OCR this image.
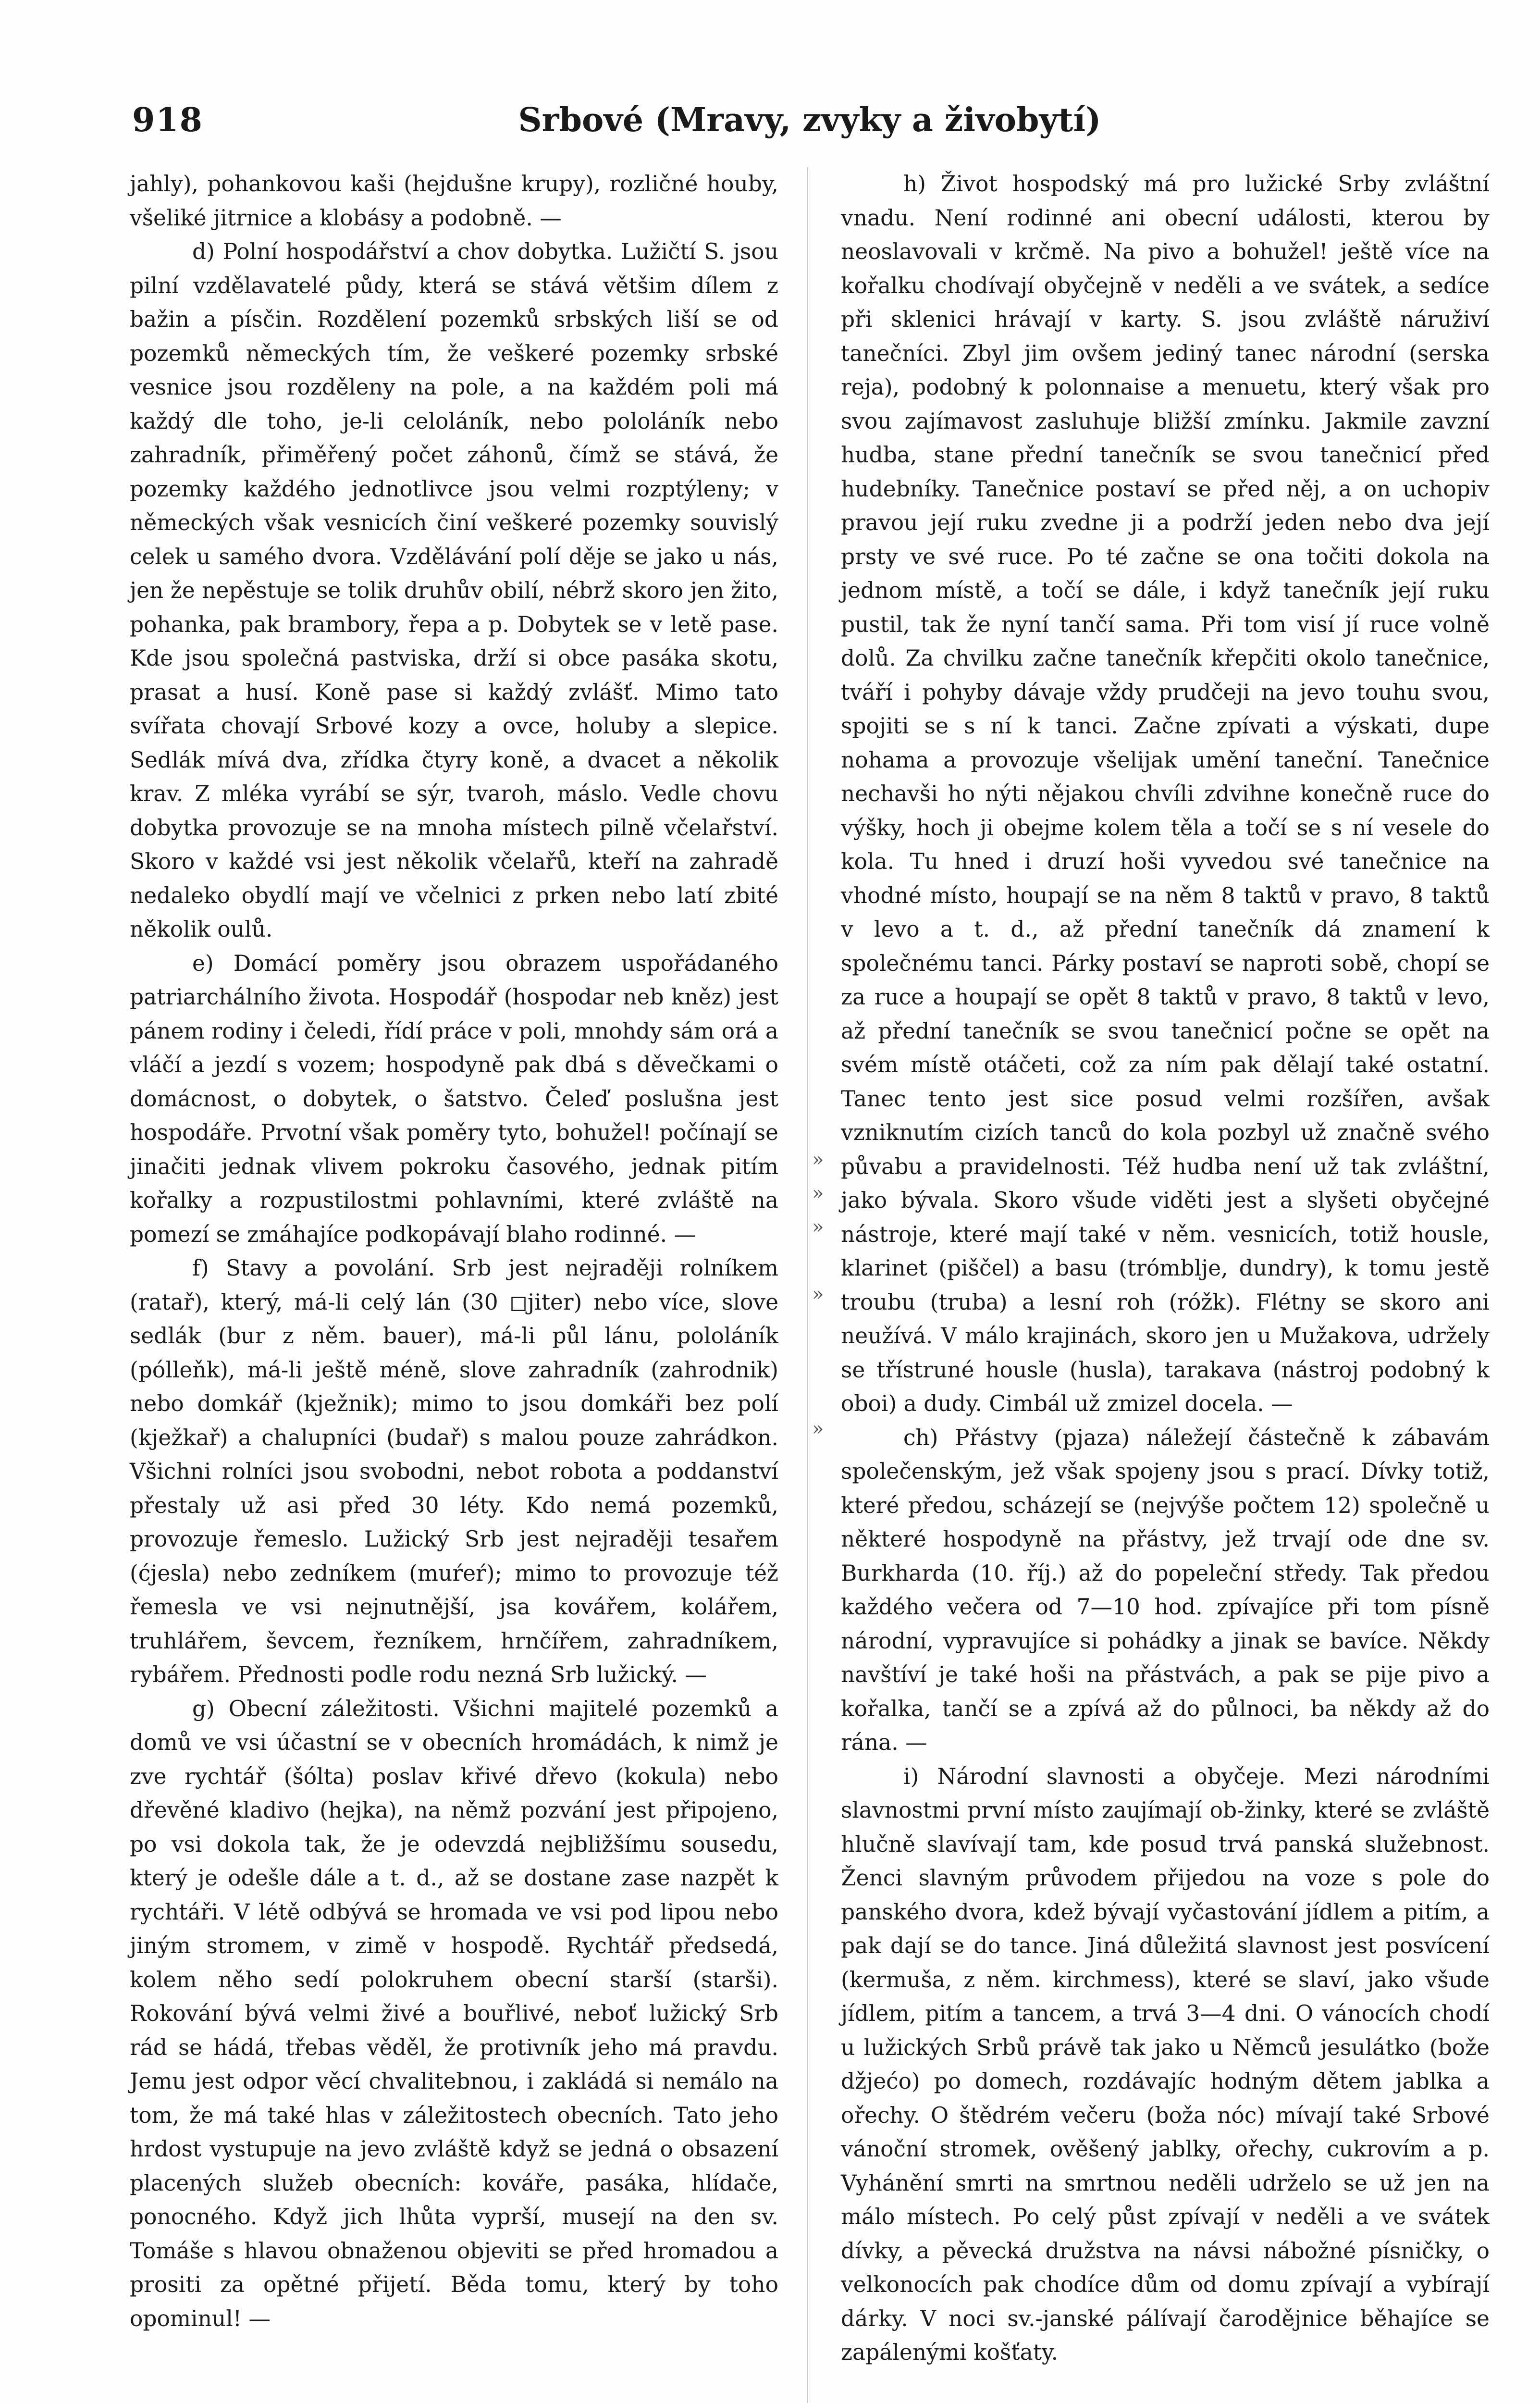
918	Srbové (Mravy, zvyky a živobytí)

jahly), pohankovou kaši (hejdušne krupy), rozličné houby, všeliké jitrnice a klobásy a podobně. —

d) Polní hospodářství a chov dobytka. Lužičtí S. jsou pilní vzdělavatelé půdy, která se stává většim dílem z bažin a písčin. Rozdělení pozemků srbských liší se od pozemků německých tím, že veškeré pozemky srbské vesnice jsou rozděleny na pole, a na každém poli má každý dle toho, je-li celoláník, nebo pololáník nebo zahradník, přiměřený počet záhonů, čímž se stává, že pozemky každého jednotlivce jsou velmi rozptýleny; v německých však vesnicích činí veškeré pozemky souvislý celek u samého dvora. Vzdělávání polí děje se jako u nás, jen že nepěstuje se tolik druhův obilí, nébrž skoro jen žito, pohanka, pak brambory, řepa a p. Dobytek se v letě pase. Kde jsou společná pastviska, drží si obce pasáka skotu, prasat a husí. Koně pase si každý zvlášť. Mimo tato svířata chovají Srbové kozy a ovce, holuby a slepice. Sedlák mívá dva, zřídka čtyry koně, a dvacet a několik krav. Z mléka vyrábí se sýr, tvaroh, máslo. Vedle chovu dobytka provozuje se na mnoha místech pilně včelařství. Skoro v každé vsi jest několik včelařů, kteří na zahradě nedaleko obydlí mají ve včelnici z prken nebo latí zbité několik oulů.

e) Domácí poměry jsou obrazem uspořádaného patriarchálního života. Hospodář (hospodar neb kněz) jest pánem rodiny i čeledi, řídí práce v poli, mnohdy sám orá a vláčí a jezdí s vozem; hospodyně pak dbá s děvečkami o domácnost, o dobytek, o šatstvo. Čeleď poslušna jest hospodáře. Prvotní však poměry tyto, bohužel! počínají se jinačiti jednak vlivem pokroku časového, jednak pitím kořalky a rozpustilostmi pohlavními, které zvláště na pomezí se zmáhajíce podkopávají blaho rodinné. —

f) Stavy a povolání. Srb jest nejraději rolníkem (ratař), který, má-li celý lán (30 ◻jiter) nebo více, slove sedlák (bur z něm. bauer), má-li půl lánu, pololáník (pólleňk), má-li ještě méně, slove zahradník (zahrodnik) nebo domkář (kježnik); mimo to jsou domkáři bez polí (kježkař) a chalupníci (budař) s malou pouze zahrádkon. Všichni rolníci jsou svobodni, nebot robota a poddanství přestaly už asi před 30 léty. Kdo nemá pozemků, provozuje řemeslo. Lužický Srb jest nejraději tesařem (ćjesla) nebo zedníkem (muŕeŕ); mimo to provozuje též řemesla ve vsi nejnutnější, jsa kovářem, kolářem, truhlářem, ševcem, řezníkem, hrnčířem, zahradníkem, rybářem. Přednosti podle rodu nezná Srb lužický. —

g) Obecní záležitosti. Všichni majitelé pozemků a domů ve vsi účastní se v obecních hromádách, k nimž je zve rychtář (šólta) poslav křivé dřevo (kokula) nebo dřevěné kladivo (hejka), na němž pozvání jest připojeno, po vsi dokola tak, že je odevzdá nejbližšímu sousedu, který je odešle dále a t. d., až se dostane zase nazpět k rychtáři. V létě odbývá se hromada ve vsi pod lipou nebo jiným stromem, v zimě v hospodě. Rychtář předsedá, kolem něho sedí polokruhem obecní starší (starši). Rokování bývá velmi živé a bouřlivé, neboť lužický Srb rád se hádá, třebas věděl, že protivník jeho má pravdu. Jemu jest odpor věcí chvalitebnou, i zakládá si nemálo na tom, že má také hlas v záležitostech obecních. Tato jeho hrdost vystupuje na jevo zvláště když se jedná o obsazení placených služeb obecních: kováře, pasáka, hlídače, ponocného. Když jich lhůta vyprší, musejí na den sv. Tomáše s hlavou obnaženou objeviti se před hromadou a prositi za opětné přijetí. Běda tomu, který by toho opominul! —

h) Život hospodský má pro lužické Srby zvláštní vnadu. Není rodinné ani obecní události, kterou by neoslavovali v krčmě. Na pivo a bohužel! ještě více na kořalku chodívají obyčejně v neděli a ve svátek, a sedíce při sklenici hrávají v karty. S. jsou zvláště náruživí tanečníci. Zbyl jim ovšem jediný tanec národní (serska reja), podobný k polonnaise a menuetu, který však pro svou zajímavost zasluhuje bližší zmínku. Jakmile zavzní hudba, stane přední tanečník se svou tanečnicí před hudebníky. Tanečnice postaví se před něj, a on uchopiv pravou její ruku zvedne ji a podrží jeden nebo dva její prsty ve své ruce. Po té začne se ona točiti dokola na jednom místě, a točí se dále, i když tanečník její ruku pustil, tak že nyní tančí sama. Při tom visí jí ruce volně dolů. Za chvilku začne tanečník křepčiti okolo tanečnice, tváří i pohyby dávaje vždy prudčeji na jevo touhu svou, spojiti se s ní k tanci. Začne zpívati a výskati, dupe nohama a provozuje všelijak umění taneční. Tanečnice nechavši ho nýti nějakou chvíli zdvihne konečně ruce do výšky, hoch ji obejme kolem těla a točí se s ní vesele do kola. Tu hned i druzí hoši vyvedou své tanečnice na vhodné místo, houpají se na něm 8 taktů v pravo, 8 taktů v levo a t. d., až přední tanečník dá znamení k společnému tanci. Párky postaví se naproti sobě, chopí se za ruce a houpají se opět 8 taktů v pravo, 8 taktů v levo, až přední tanečník se svou tanečnicí počne se opět na svém místě otáčeti, což za ním pak dělají také ostatní. Tanec tento jest sice posud velmi rozšířen, avšak vzniknutím cizích tanců do kola pozbyl už značně svého půvabu a pravidelnosti. Též hudba není už tak zvláštní, jako bývala. Skoro všude viděti jest a slyšeti obyčejné nástroje, které mají také v něm. vesnicích, totiž housle, klarinet (piščel) a basu (trómblje, dundry), k tomu jestě troubu (truba) a lesní roh (róžk). Flétny se skoro ani neužívá. V málo krajinách, skoro jen u Mužakova, udržely se třístruné housle (husla), tarakava (nástroj podobný k oboi) a dudy. Cimbál už zmizel docela. —

ch) Přástvy (pjaza) náležejí částečně k zábavám společenským, jež však spojeny jsou s prací. Dívky totiž, které předou, scházejí se (nejvýše počtem 12) společně u některé hospodyně na přástvy, jež trvají ode dne sv. Burkharda (10. říj.) až do popeleční středy. Tak předou každého večera od 7—10 hod. zpívajíce při tom písně národní, vypravujíce si pohádky a jinak se bavíce. Někdy navštíví je také hoši na přástvách, a pak se pije pivo a kořalka, tančí se a zpívá až do půlnoci, ba někdy až do rána. —

i) Národní slavnosti a obyčeje. Mezi národními slavnostmi první místo zaujímají ob-žinky, které se zvláště hlučně slavívají tam, kde posud trvá panská služebnost. Ženci slavným průvodem přijedou na voze s pole do panského dvora, kdež bývají vyčastování jídlem a pitím, a pak dají se do tance. Jiná důležitá slavnost jest posvícení (kermuša, z něm. kirchmess), které se slaví, jako všude jídlem, pitím a tancem, a trvá 3—4 dni. O vánocích chodí u lužických Srbů právě tak jako u Němců jesulátko (bože džjećo) po domech, rozdávajíc hodným dětem jablka a ořechy. O štědrém večeru (boža nóc) mívají také Srbové vánoční stromek, ověšený jablky, ořechy, cukrovím a p. Vyhánění smrti na smrtnou neděli udrželo se už jen na málo místech. Po celý půst zpívají v neděli a ve svátek dívky, a pěvecká družstva na návsi nábožné písničky, o velkonocích pak chodíce dům od domu zpívají a vybírají dárky. V noci sv.-janské pálívají čarodějnice běhajíce se zapálenými košťaty.

»
»
»
»
»
